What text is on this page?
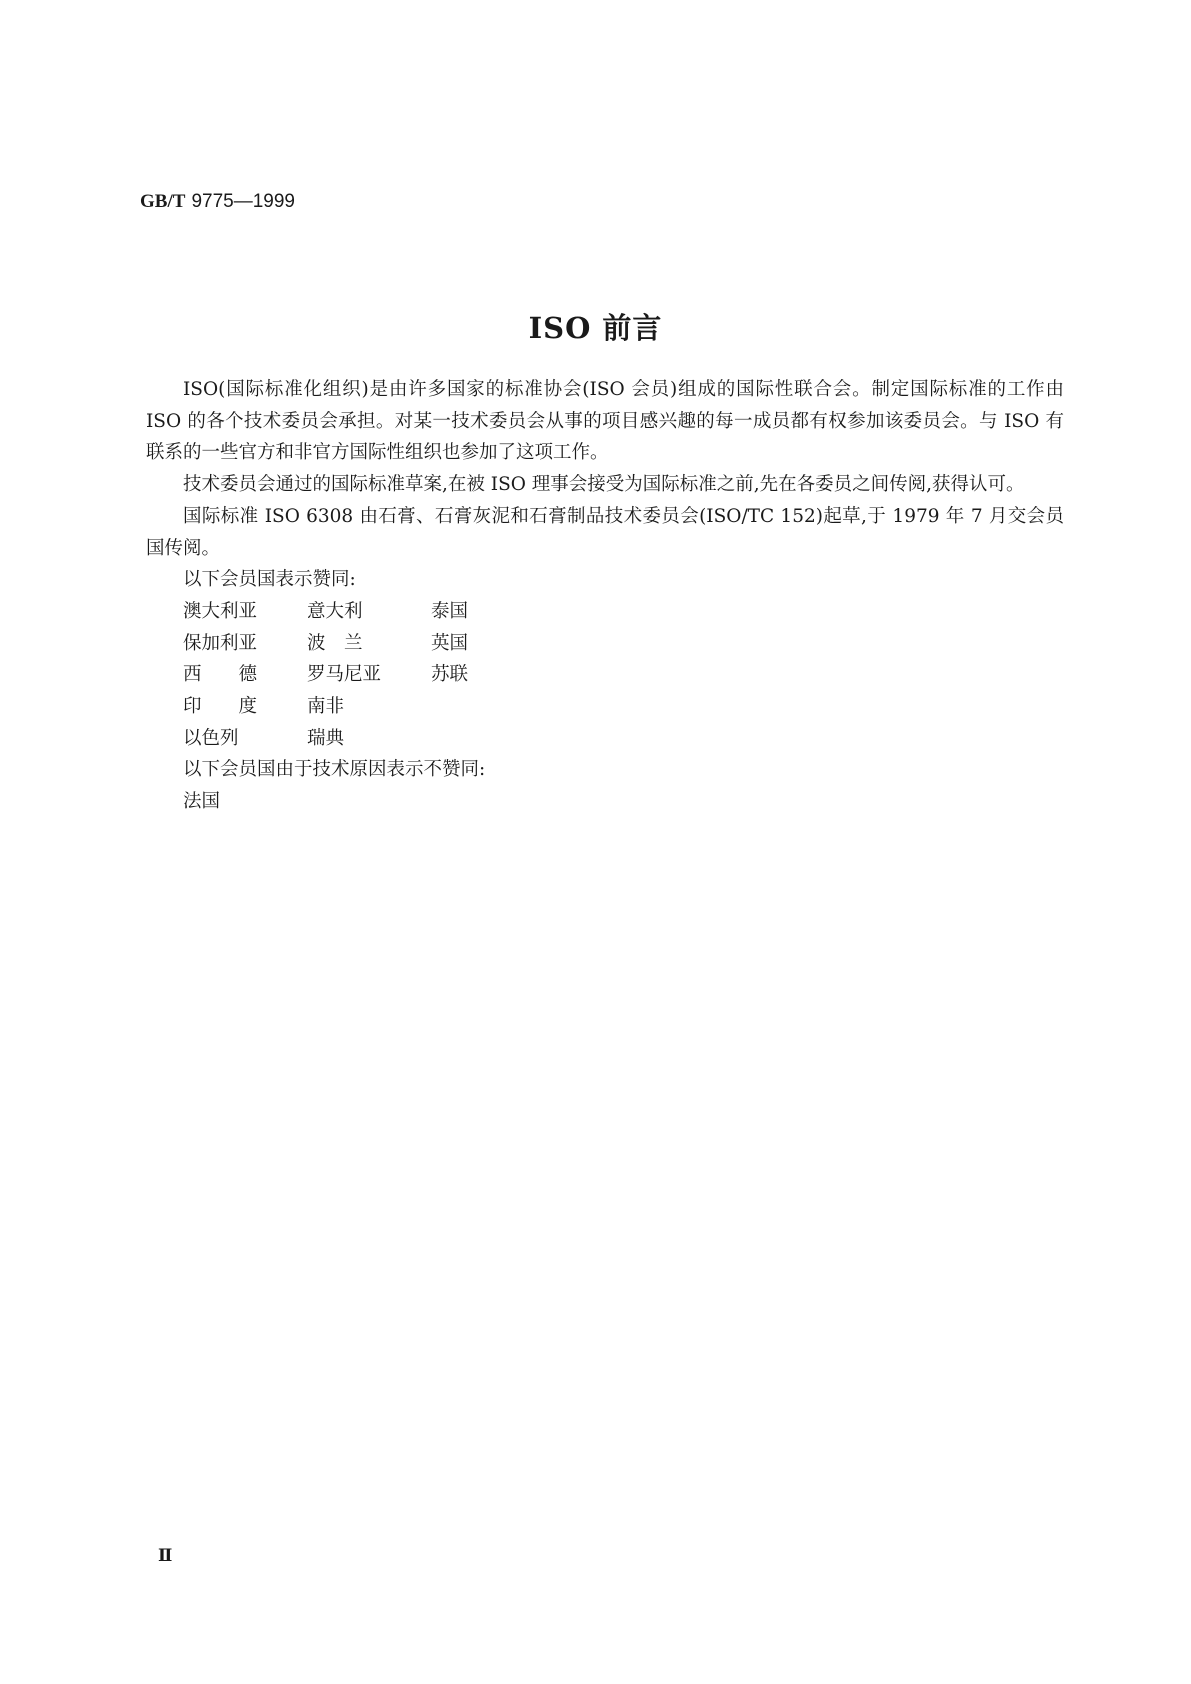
GB/T 9775—1999
ISO 前言

ISO(国际标准化组织)是由许多国家的标准协会(ISO 会员)组成的国际性联合会。制定国际标准的工作由 ISO 的各个技术委员会承担。对某一技术委员会从事的项目感兴趣的每一成员都有权参加该委员会。与 ISO 有联系的一些官方和非官方国际性组织也参加了这项工作。

技术委员会通过的国际标准草案,在被 ISO 理事会接受为国际标准之前,先在各委员之间传阅,获得认可。

国际标准 ISO 6308 由石膏、石膏灰泥和石膏制品技术委员会(ISO/TC 152)起草,于 1979 年 7 月交会员国传阅。

以下会员国表示赞同:

澳大利亚	意大利	泰国
保加利亚	波　兰	英国
西　　德	罗马尼亚	苏联
印　　度	南非
以色列	瑞典

以下会员国由于技术原因表示不赞同:

法国

Ⅱ
